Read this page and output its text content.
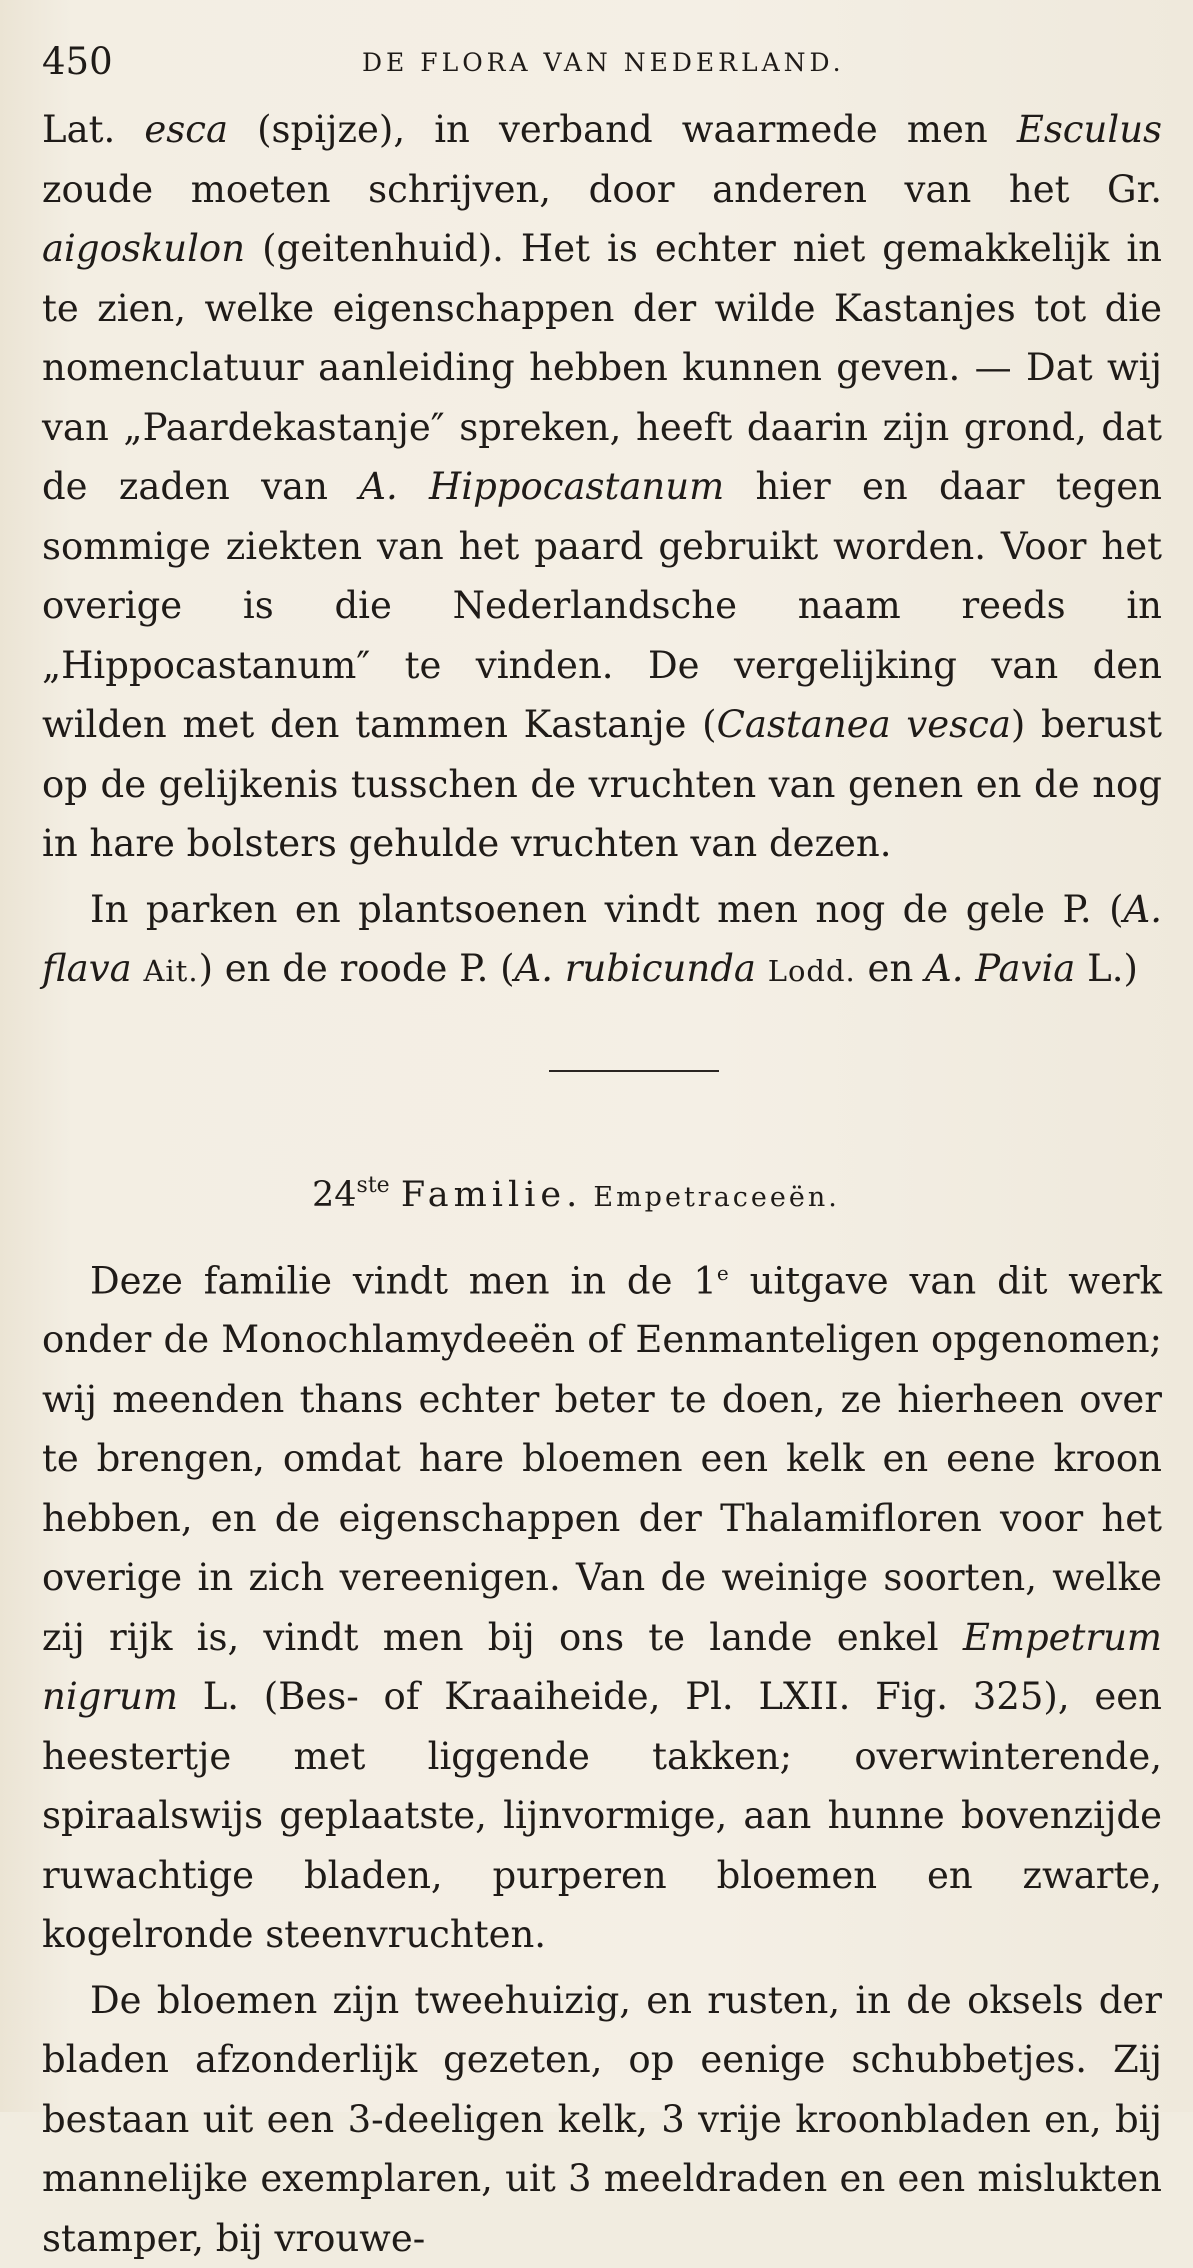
450	DE FLORA VAN NEDERLAND.

Lat. esca (spijze), in verband waarmede men Esculus zoude moeten schrijven, door anderen van het Gr. aigoskulon (geitenhuid). Het is echter niet gemakkelijk in te zien, welke eigenschappen der wilde Kastanjes tot die nomenclatuur aanleiding hebben kunnen geven. — Dat wij van „Paardekastanje″ spreken, heeft daarin zijn grond, dat de zaden van A. Hippocastanum hier en daar tegen sommige ziekten van het paard gebruikt worden. Voor het overige is die Nederlandsche naam reeds in „Hippocastanum″ te vinden. De vergelijking van den wilden met den tammen Kastanje (Castanea vesca) berust op de gelijkenis tusschen de vruchten van genen en de nog in hare bolsters gehulde vruchten van dezen.

In parken en plantsoenen vindt men nog de gele P. (A. flava Ait.) en de roode P. (A. rubicunda Lodd. en A. Pavia L.)

24ste Familie. Empetraceeën.

Deze familie vindt men in de 1e uitgave van dit werk onder de Monochlamydeeën of Eenmanteligen opgenomen; wij meenden thans echter beter te doen, ze hierheen over te brengen, omdat hare bloemen een kelk en eene kroon hebben, en de eigenschappen der Thalamifloren voor het overige in zich vereenigen. Van de weinige soorten, welke zij rijk is, vindt men bij ons te lande enkel Empetrum nigrum L. (Bes- of Kraaiheide, Pl. LXII. Fig. 325), een heestertje met liggende takken; overwinterende, spiraalswijs geplaatste, lijnvormige, aan hunne bovenzijde ruwachtige bladen, purperen bloemen en zwarte, kogelronde steenvruchten.

De bloemen zijn tweehuizig, en rusten, in de oksels der bladen afzonderlijk gezeten, op eenige schubbetjes. Zij bestaan uit een 3-deeligen kelk, 3 vrije kroonbladen en, bij mannelijke exemplaren, uit 3 meeldraden en een mislukten stamper, bij vrouwe-
